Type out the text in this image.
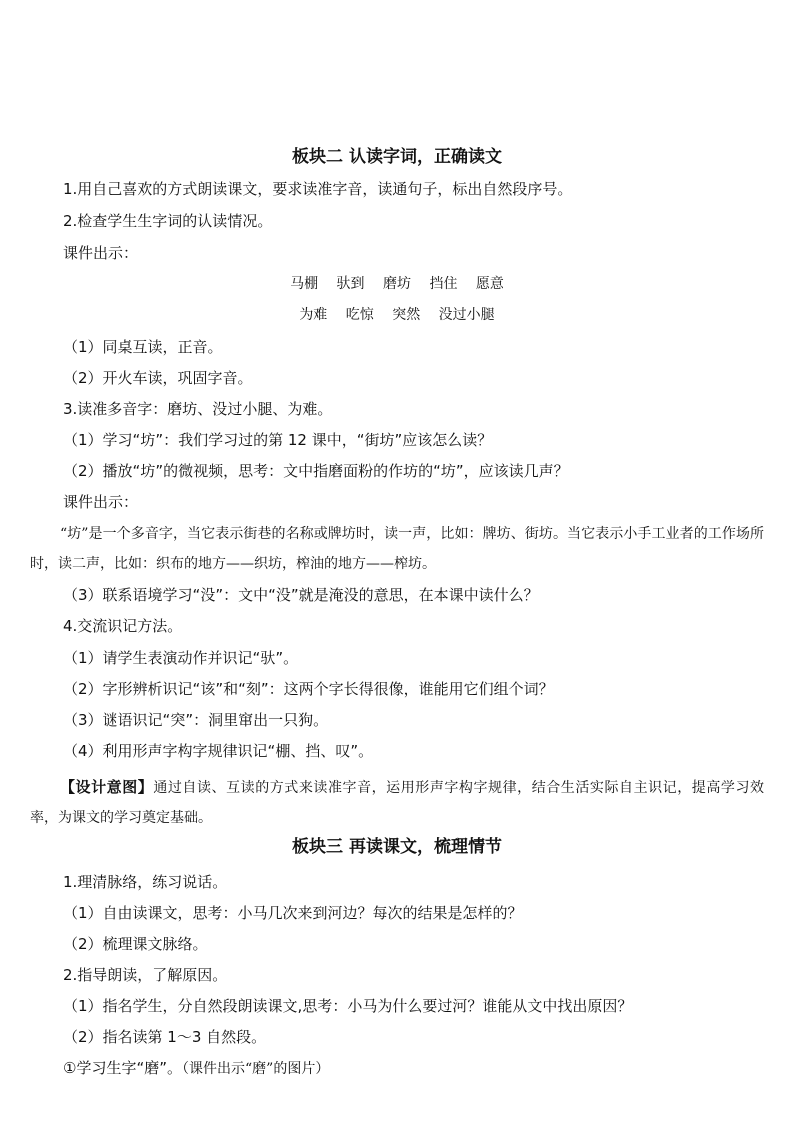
板块二 认读字词，正确读文
1.用自己喜欢的方式朗读课文，要求读准字音，读通句子，标出自然段序号。
2.检查学生生字词的认读情况。
课件出示：
马棚 驮到 磨坊 挡住 愿意
为难 吃惊 突然 没过小腿
（1）同桌互读，正音。
（2）开火车读，巩固字音。
3.读准多音字：磨坊、没过小腿、为难。
（1）学习“坊”：我们学习过的第 12 课中，“街坊”应该怎么读？
（2）播放“坊”的微视频，思考：文中指磨面粉的作坊的“坊”，应该读几声？
课件出示：
“坊”是一个多音字，当它表示街巷的名称或牌坊时，读一声，比如：牌坊、街坊。当它表示小手工业者的工作场所时，读二声，比如：织布的地方——织坊，榨油的地方——榨坊。
（3）联系语境学习“没”：文中“没”就是淹没的意思，在本课中读什么？
4.交流识记方法。
（1）请学生表演动作并识记“驮”。
（2）字形辨析识记“该”和“刻”：这两个字长得很像，谁能用它们组个词？
（3）谜语识记“突”：洞里窜出一只狗。
（4）利用形声字构字规律识记“棚、挡、叹”。
【设计意图】通过自读、互读的方式来读准字音，运用形声字构字规律，结合生活实际自主识记，提高学习效率，为课文的学习奠定基础。
板块三 再读课文，梳理情节
1.理清脉络，练习说话。
（1）自由读课文，思考：小马几次来到河边？每次的结果是怎样的？
（2）梳理课文脉络。
2.指导朗读，了解原因。
（1）指名学生，分自然段朗读课文,思考：小马为什么要过河？谁能从文中找出原因？
（2）指名读第 1～3 自然段。
①学习生字“磨”。（课件出示“磨”的图片）
